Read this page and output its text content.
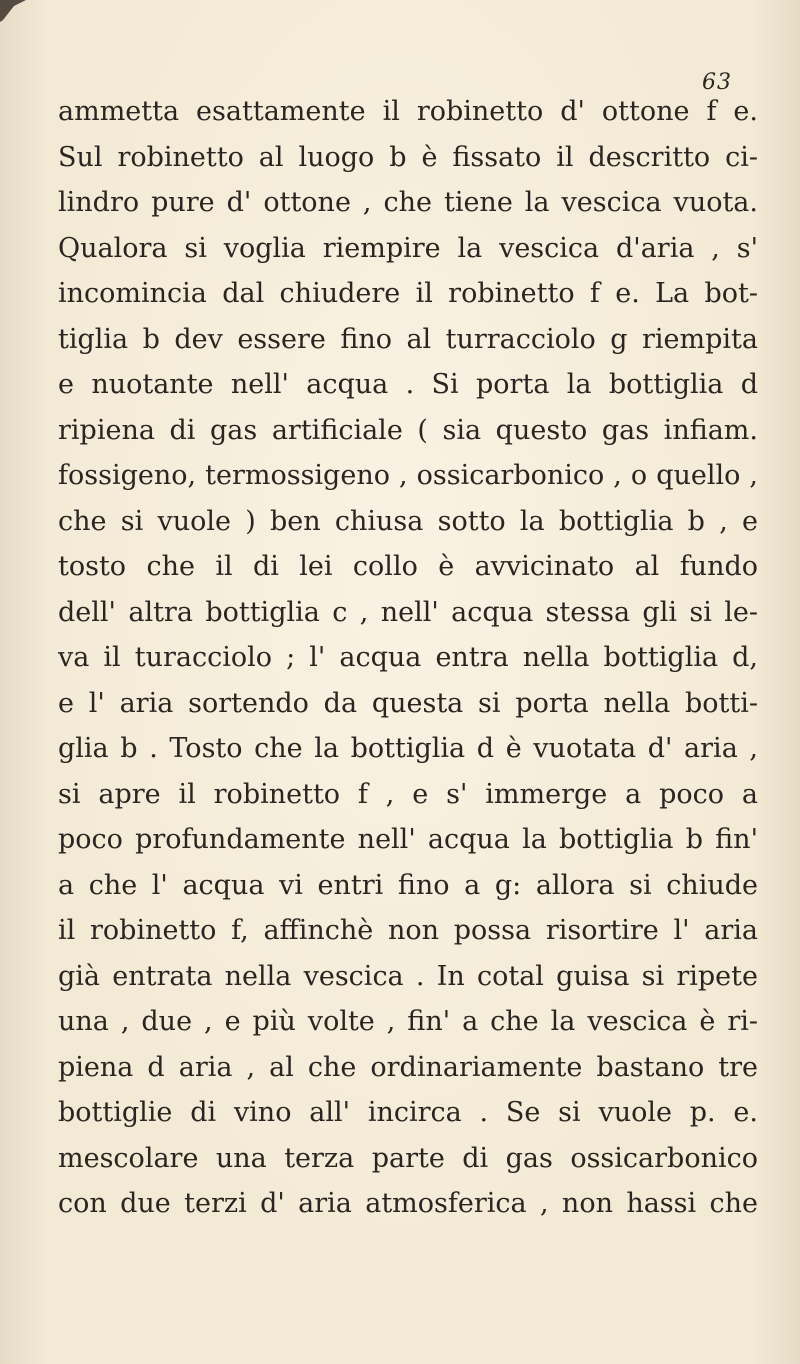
63
ammetta esattamente il robinetto d' ottone f e.
Sul robinetto al luogo b è fissato il descritto ci-
lindro pure d' ottone , che tiene la vescica vuota.
Qualora si voglia riempire la vescica d'aria , s'
incomincia dal chiudere il robinetto f e. La bot-
tiglia b dev essere fino al turracciolo g riempita
e nuotante nell' acqua . Si porta la bottiglia d
ripiena di gas artificiale ( sia questo gas infiam.
fossigeno, termossigeno , ossicarbonico , o quello ,
che si vuole ) ben chiusa sotto la bottiglia b , e
tosto che il di lei collo è avvicinato al fundo
dell' altra bottiglia c , nell' acqua stessa gli si le-
va il turacciolo ; l' acqua entra nella bottiglia d,
e l' aria sortendo da questa si porta nella botti-
glia b . Tosto che la bottiglia d è vuotata d' aria ,
si apre il robinetto f , e s' immerge a poco a
poco profundamente nell' acqua la bottiglia b fin'
a che l' acqua vi entri fino a g: allora si chiude
il robinetto f, affinchè non possa risortire l' aria
già entrata nella vescica . In cotal guisa si ripete
una , due , e più volte , fin' a che la vescica è ri-
piena d aria , al che ordinariamente bastano tre
bottiglie di vino all' incirca . Se si vuole p. e.
mescolare una terza parte di gas ossicarbonico
con due terzi d' aria atmosferica , non hassi che
